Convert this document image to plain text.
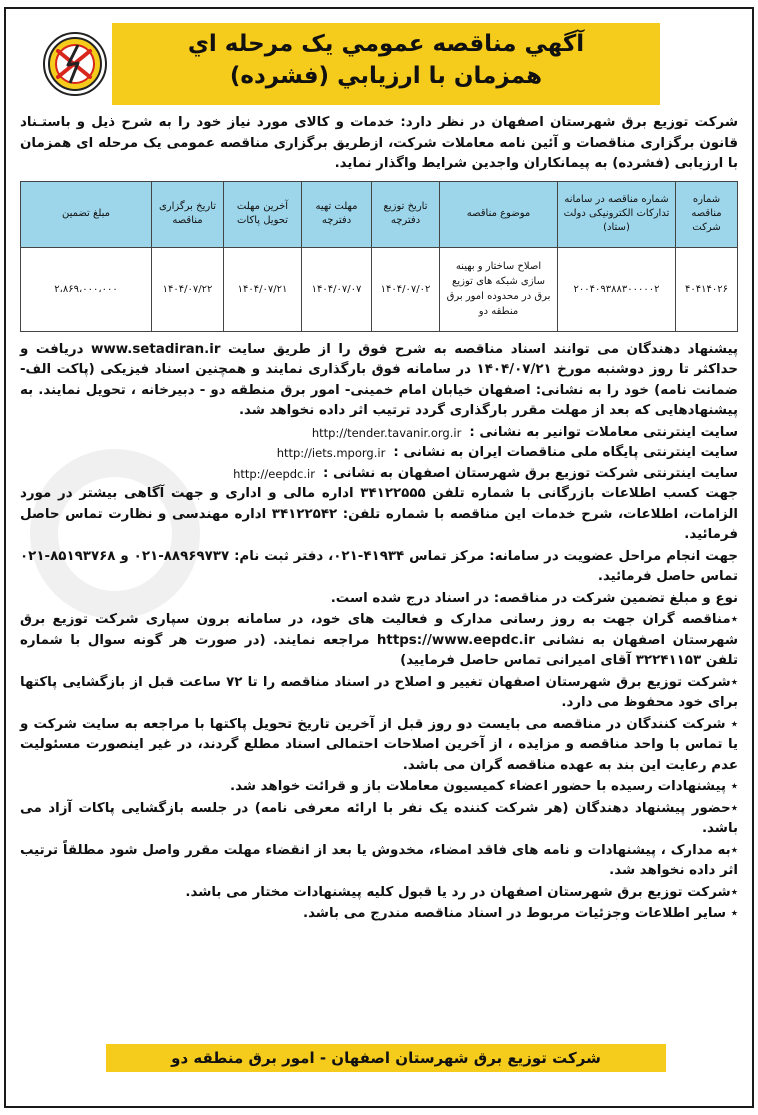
آگهي مناقصه عمومي يک مرحله اي
همزمان با ارزيابي (فشرده)

شرکت توزیع برق شهرستان اصفهان در نظر دارد: خدمات و کالای مورد نیاز خود را به شرح ذیل و باستـناد قانون برگزاری مناقصات و آئین نامه معاملات شرکت، ازطریق برگزاری مناقصه عمومی یک مرحله ای همزمان با ارزیابی (فشرده) به پیمانکاران واجدین شرایط واگذار نماید.

شماره مناقصه شرکت	شماره مناقصه در سامانه تدارکات الکترونیکی دولت (ستاد)	موضوع مناقصه	تاریخ توزیع دفترچه	مهلت تهیه دفترچه	آخرین مهلت تحویل پاکات	تاریخ برگزاری مناقصه	مبلغ تضمین
۴۰۴۱۴۰۲۶	۲۰۰۴۰۹۳۸۸۳۰۰۰۰۰۲	اصلاح ساختار و بهینه سازی شبکه های توزیع برق در محدوده امور برق منطقه دو	۱۴۰۴/۰۷/۰۲	۱۴۰۴/۰۷/۰۷	۱۴۰۴/۰۷/۲۱	۱۴۰۴/۰۷/۲۲	۲،۸۶۹،۰۰۰،۰۰۰

پیشنهاد دهندگان می توانند اسناد مناقصه به شرح فوق را از طریق سایت www.setadiran.ir دریافت و حداکثر تا روز دوشنبه مورخ ۱۴۰۴/۰۷/۲۱ در سامانه فوق بارگذاری نمایند و همچنین اسناد فیزیکی (پاکت الف- ضمانت نامه) خود را به نشانی: اصفهان خیابان امام خمینی- امور برق منطقه دو - دبیرخانه ، تحویل نمایند. به پیشنهادهایی که بعد از مهلت مقرر بارگذاری گردد ترتیب اثر داده نخواهد شد.

سایت اینترنتی معاملات توانیر به نشانی :
http://tender.tavanir.org.ir
سایت اینترنتی پایگاه ملی مناقصات ایران به نشانی :
http://iets.mporg.ir
سایت اینترنتی شرکت توزیع برق شهرستان اصفهان به نشانی :
http://eepdc.ir

جهت کسب اطلاعات بازرگانی با شماره تلفن ۳۴۱۲۲۵۵۵ اداره مالی و اداری و جهت آگاهی بیشتر در مورد الزامات، اطلاعات، شرح خدمات این مناقصه با شماره تلفن: ۳۴۱۲۲۵۴۲ اداره مهندسی و نظارت تماس حاصل فرمائید.

جهت انجام مراحل عضویت در سامانه: مرکز تماس ۴۱۹۳۴-۰۲۱، دفتر ثبت نام: ۸۸۹۶۹۷۳۷-۰۲۱ و ۸۵۱۹۳۷۶۸-۰۲۱ تماس حاصل فرمائید.

نوع و مبلغ تضمین شرکت در مناقصه: در اسناد درج شده است.

٭مناقصه گران جهت به روز رسانی مدارک و فعالیت های خود، در سامانه برون سپاری شرکت توزیع برق شهرستان اصفهان به نشانی https://www.eepdc.ir مراجعه نمایند. (در صورت هر گونه سوال با شماره تلفن ۳۲۲۴۱۱۵۳ آقای امیرانی تماس حاصل فرمایید)

٭شرکت توزیع برق شهرستان اصفهان تغییر و اصلاح در اسناد مناقصه را تا ۷۲ ساعت قبل از بازگشایی پاکتها برای خود محفوظ می دارد.

٭ شرکت کنندگان در مناقصه می بایست دو روز قبل از آخرین تاریخ تحویل پاکتها با مراجعه به سایت شرکت و یا تماس با واحد مناقصه و مزایده ، از آخرین اصلاحات احتمالی اسناد مطلع گردند، در غیر اینصورت مسئولیت عدم رعایت این بند به عهده مناقصه گران می باشد.

٭ پیشنهادات رسیده با حضور اعضاء کمیسیون معاملات باز و قرائت خواهد شد.

٭حضور پیشنهاد دهندگان (هر شرکت کننده یک نفر با ارائه معرفی نامه) در جلسه بازگشایی پاکات آزاد می باشد.

٭به مدارک ، پیشنهادات و نامه های فاقد امضاء، مخدوش یا بعد از انقضاء مهلت مقرر واصل شود مطلقاً ترتیب اثر داده نخواهد شد.

٭شرکت توزیع برق شهرستان اصفهان در رد یا قبول کلیه پیشنهادات مختار می باشد.

٭ سایر اطلاعات وجزئیات مربوط در اسناد مناقصه مندرج می باشد.

شرکت توزیع برق شهرستان اصفهان - امور برق منطقه دو
